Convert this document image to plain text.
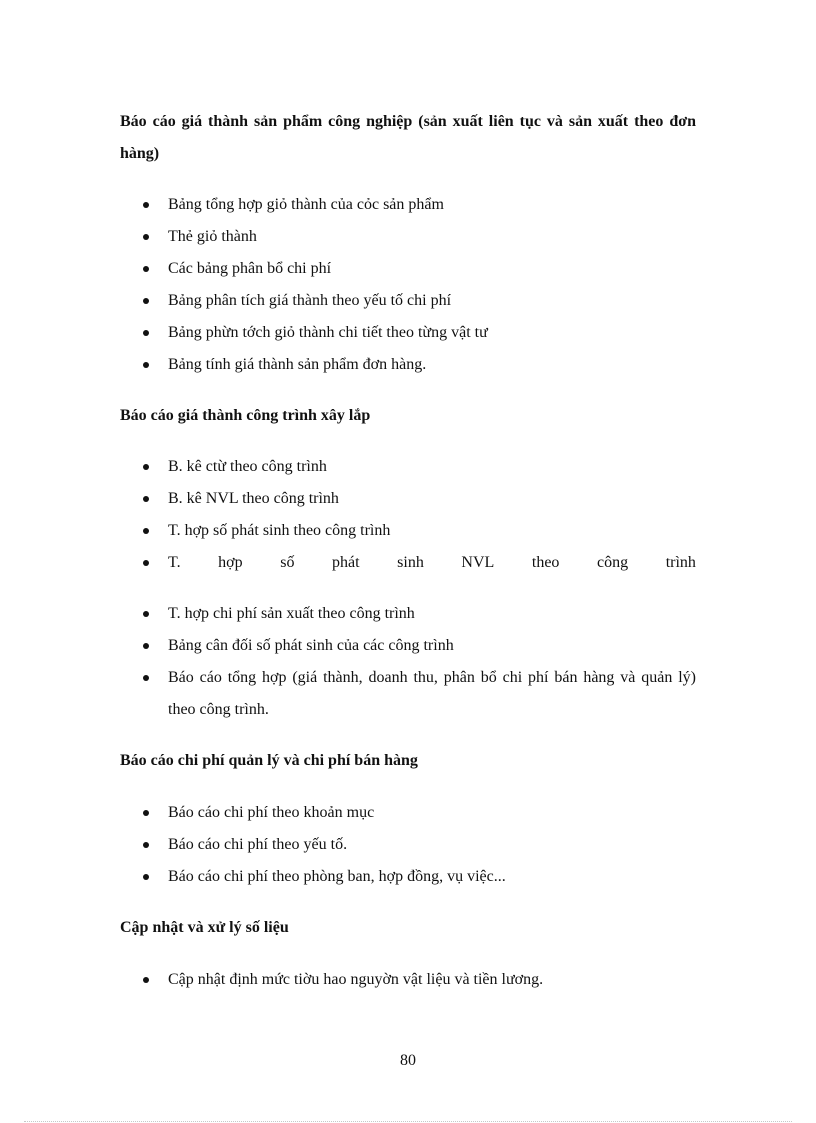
Báo cáo giá thành sản phẩm công nghiệp (sản xuất liên tục và sản xuất theo đơn hàng)
Bảng tổng hợp giỏ thành của cỏc sản phẩm
Thẻ giỏ thành
Các bảng phân bổ chi phí
Bảng phân tích giá thành theo yếu tố chi phí
Bảng phừn tớch giỏ thành chi tiết theo từng vật tư
Bảng tính giá thành sản phẩm đơn hàng.
Báo cáo giá thành công trình xây lắp
B. kê ctừ theo công trình
B. kê NVL theo công trình
T. hợp số phát sinh theo công trình
T. hợp số phát sinh NVL theo công trình
T. hợp chi phí sản xuất theo công trình
Bảng cân đối số phát sinh của các công trình
Báo cáo tổng hợp (giá thành, doanh thu, phân bổ chi phí bán hàng và quản lý) theo công trình.
Báo cáo chi phí quản lý và chi phí bán hàng
Báo cáo chi phí theo khoản mục
Báo cáo chi phí theo yếu tố.
Báo cáo chi phí theo phòng ban, hợp đồng, vụ việc...
Cập nhật và xử lý số liệu
Cập nhật định mức tiờu hao nguyờn vật liệu và tiền lương.
80
